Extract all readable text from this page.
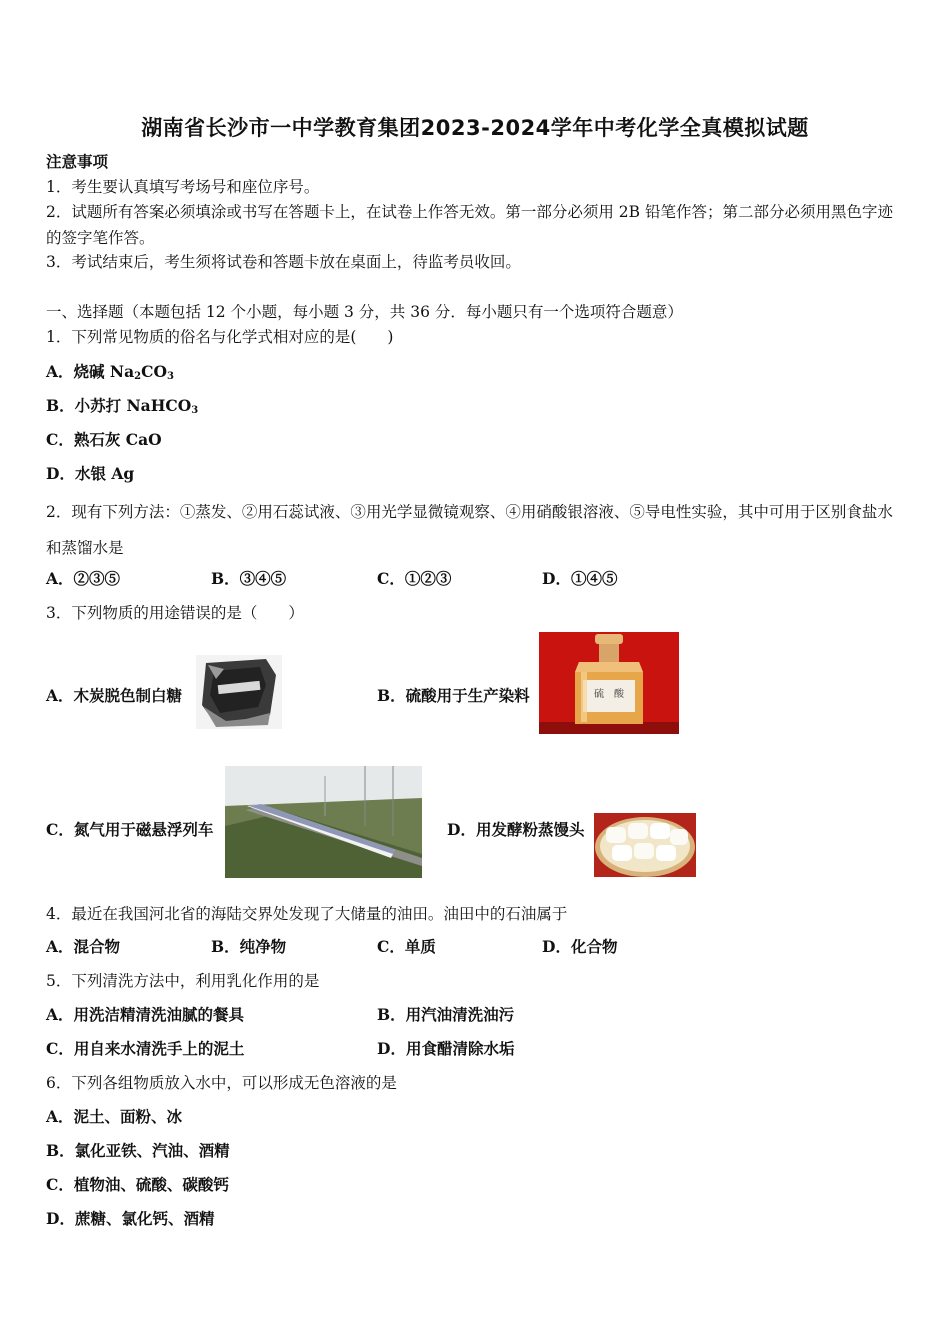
湖南省长沙市一中学教育集团2023-2024学年中考化学全真模拟试题
注意事项
1．考生要认真填写考场号和座位序号。
2．试题所有答案必须填涂或书写在答题卡上，在试卷上作答无效。第一部分必须用 2B 铅笔作答；第二部分必须用黑色字迹的签字笔作答。
3．考试结束后，考生须将试卷和答题卡放在桌面上，待监考员收回。
一、选择题（本题包括 12 个小题，每小题 3 分，共 36 分．每小题只有一个选项符合题意）
1．下列常见物质的俗名与化学式相对应的是(　　)
A．烧碱 $Na_2CO_3$
B．小苏打 NaHCO$_3$
C．熟石灰 CaO
D．水银 Ag
2．现有下列方法：①蒸发、②用石蕊试液、③用光学显微镜观察、④用硝酸银溶液、⑤导电性实验，其中可用于区别食盐水和蒸馏水是
A．②③⑤	B．③④⑤	C．①②③	D．①④⑤
3．下列物质的用途错误的是（　　）
A．木炭脱色制白糖	B．硫酸用于生产染料	硫　酸
C．氮气用于磁悬浮列车	D．用发酵粉蒸馒头
4．最近在我国河北省的海陆交界处发现了大储量的油田。油田中的石油属于
A．混合物	B．纯净物	C．单质	D．化合物
5．下列清洗方法中，利用乳化作用的是
A．用洗洁精清洗油腻的餐具	B．用汽油清洗油污
C．用自来水清洗手上的泥土	D．用食醋清除水垢
6．下列各组物质放入水中，可以形成无色溶液的是
A．泥土、面粉、冰
B．氯化亚铁、汽油、酒精
C．植物油、硫酸、碳酸钙
D．蔗糖、氯化钙、酒精
